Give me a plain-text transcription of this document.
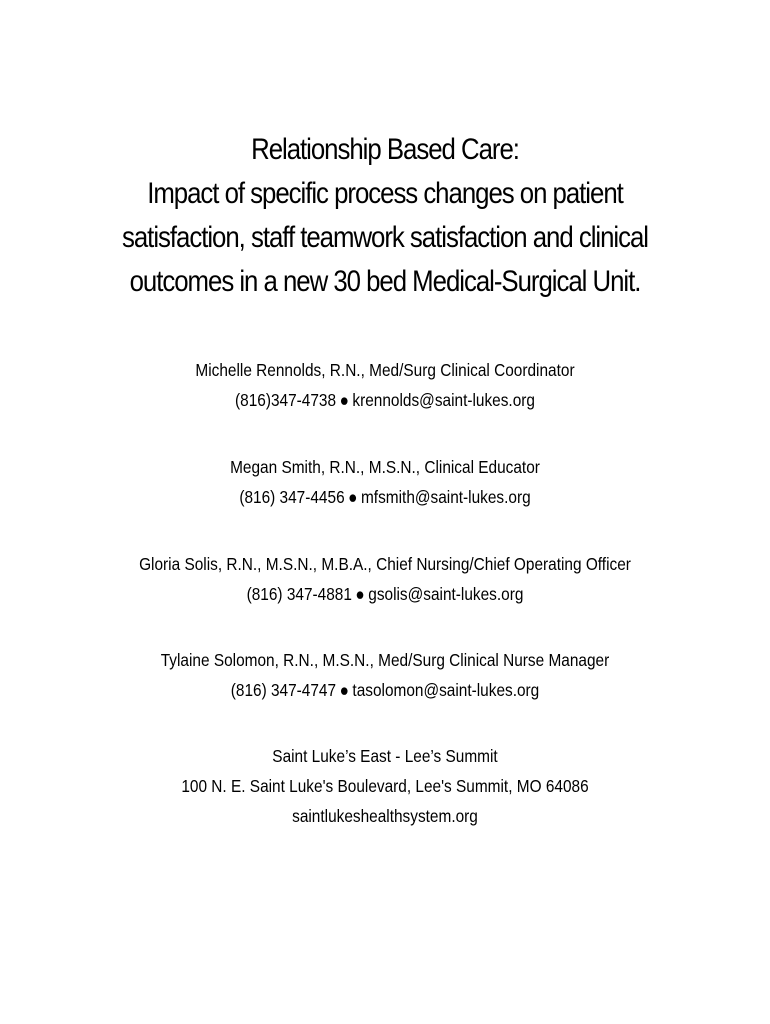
Relationship Based Care:
Impact of specific process changes on patient
satisfaction, staff teamwork satisfaction and clinical
outcomes in a new 30 bed Medical-Surgical Unit.
Michelle Rennolds, R.N., Med/Surg Clinical Coordinator
(816)347-4738 ● krennolds@saint-lukes.org
Megan Smith, R.N., M.S.N., Clinical Educator
(816) 347-4456 ● mfsmith@saint-lukes.org
Gloria Solis, R.N., M.S.N., M.B.A., Chief Nursing/Chief Operating Officer
(816) 347-4881 ● gsolis@saint-lukes.org
Tylaine Solomon, R.N., M.S.N., Med/Surg Clinical Nurse Manager
(816) 347-4747 ● tasolomon@saint-lukes.org
Saint Luke’s East - Lee’s Summit
100 N. E. Saint Luke's Boulevard, Lee's Summit, MO 64086
saintlukeshealthsystem.org
